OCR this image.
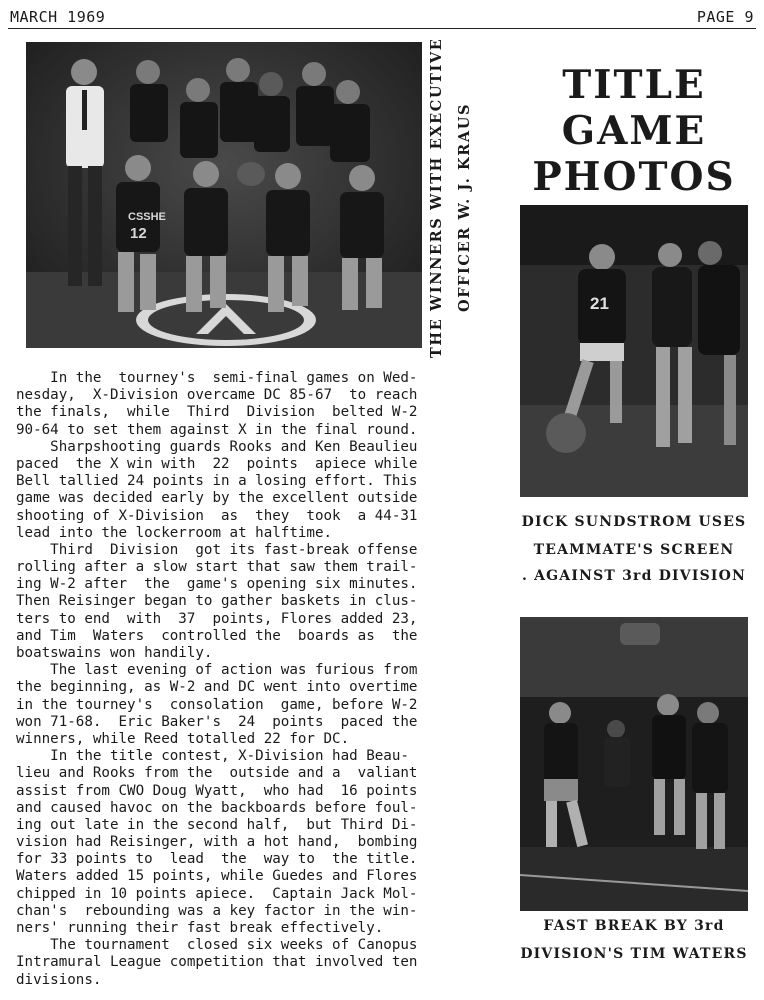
MARCH 1969	PAGE 9
CSSHE
12	THE WINNERS WITH EXECUTIVE OFFICER W. J. KRAUS
TITLE
GAME
PHOTOS
21
DICK SUNDSTROM USES
TEAMMATE'S SCREEN
. AGAINST 3rd DIVISION
FAST BREAK BY 3rd
DIVISION'S TIM WATERS
In the  tourney's  semi-final games on Wed-
nesday,  X-Division overcame DC 85-67  to reach
the finals,  while  Third  Division  belted W-2
90-64 to set them against X in the final round.
Sharpshooting guards Rooks and Ken Beaulieu
paced  the X win with  22  points  apiece while
Bell tallied 24 points in a losing effort. This
game was decided early by the excellent outside
shooting of X-Division  as  they  took  a 44-31
lead into the lockerroom at halftime.
Third  Division  got its fast-break offense
rolling after a slow start that saw them trail-
ing W-2 after  the  game's opening six minutes.
Then Reisinger began to gather baskets in clus-
ters to end  with  37  points, Flores added 23,
and Tim  Waters  controlled the  boards as  the
boatswains won handily.
The last evening of action was furious from
the beginning, as W-2 and DC went into overtime
in the tourney's  consolation  game, before W-2
won 71-68.  Eric Baker's  24  points  paced the
winners, while Reed totalled 22 for DC.
In the title contest, X-Division had Beau-
lieu and Rooks from the  outside and a  valiant
assist from CWO Doug Wyatt,  who had  16 points
and caused havoc on the backboards before foul-
ing out late in the second half,  but Third Di-
vision had Reisinger, with a hot hand,  bombing
for 33 points to  lead  the  way to  the title.
Waters added 15 points, while Guedes and Flores
chipped in 10 points apiece.  Captain Jack Mol-
chan's  rebounding was a key factor in the win-
ners' running their fast break effectively.
The tournament  closed six weeks of Canopus
Intramural League competition that involved ten
divisions.
